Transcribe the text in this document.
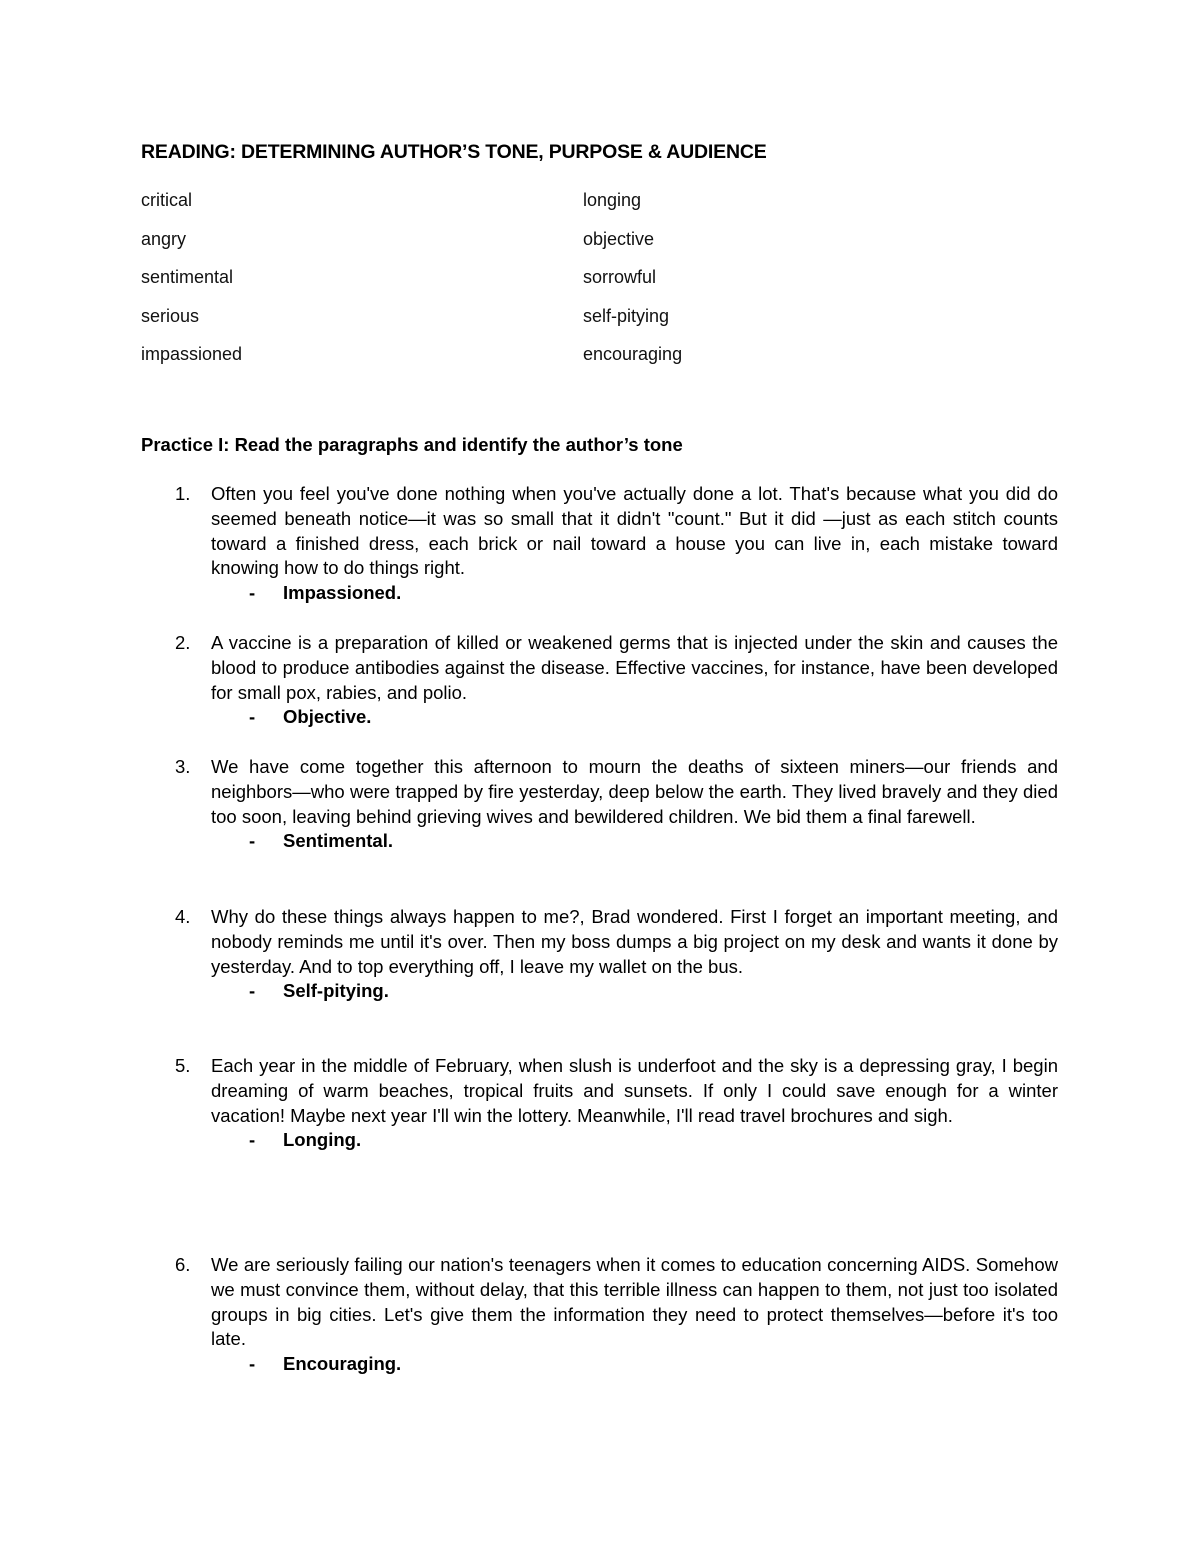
READING: DETERMINING AUTHOR’S TONE, PURPOSE & AUDIENCE
critical	longing
angry	objective
sentimental	sorrowful
serious	self-pitying
impassioned	encouraging
Practice I: Read the paragraphs and identify the author’s tone
1. Often you feel you've done nothing when you've actually done a lot. That's because what you did do seemed beneath notice—it was so small that it didn't "count." But it did —just as each stitch counts toward a finished dress, each brick or nail toward a house you can live in, each mistake toward knowing how to do things right.
- Impassioned.

2. A vaccine is a preparation of killed or weakened germs that is injected under the skin and causes the blood to produce antibodies against the disease. Effective vaccines, for instance, have been developed for small pox, rabies, and polio.
- Objective.

3. We have come together this afternoon to mourn the deaths of sixteen miners—our friends and neighbors—who were trapped by fire yesterday, deep below the earth. They lived bravely and they died too soon, leaving behind grieving wives and bewildered children. We bid them a final farewell.
- Sentimental.

4. Why do these things always happen to me?, Brad wondered. First I forget an important meeting, and nobody reminds me until it's over. Then my boss dumps a big project on my desk and wants it done by yesterday. And to top everything off, I leave my wallet on the bus.
- Self-pitying.

5. Each year in the middle of February, when slush is underfoot and the sky is a depressing gray, I begin dreaming of warm beaches, tropical fruits and sunsets. If only I could save enough for a winter vacation! Maybe next year I'll win the lottery. Meanwhile, I'll read travel brochures and sigh.
- Longing.

6. We are seriously failing our nation's teenagers when it comes to education concerning AIDS. Somehow we must convince them, without delay, that this terrible illness can happen to them, not just too isolated groups in big cities. Let's give them the information they need to protect themselves—before it's too late.
- Encouraging.
